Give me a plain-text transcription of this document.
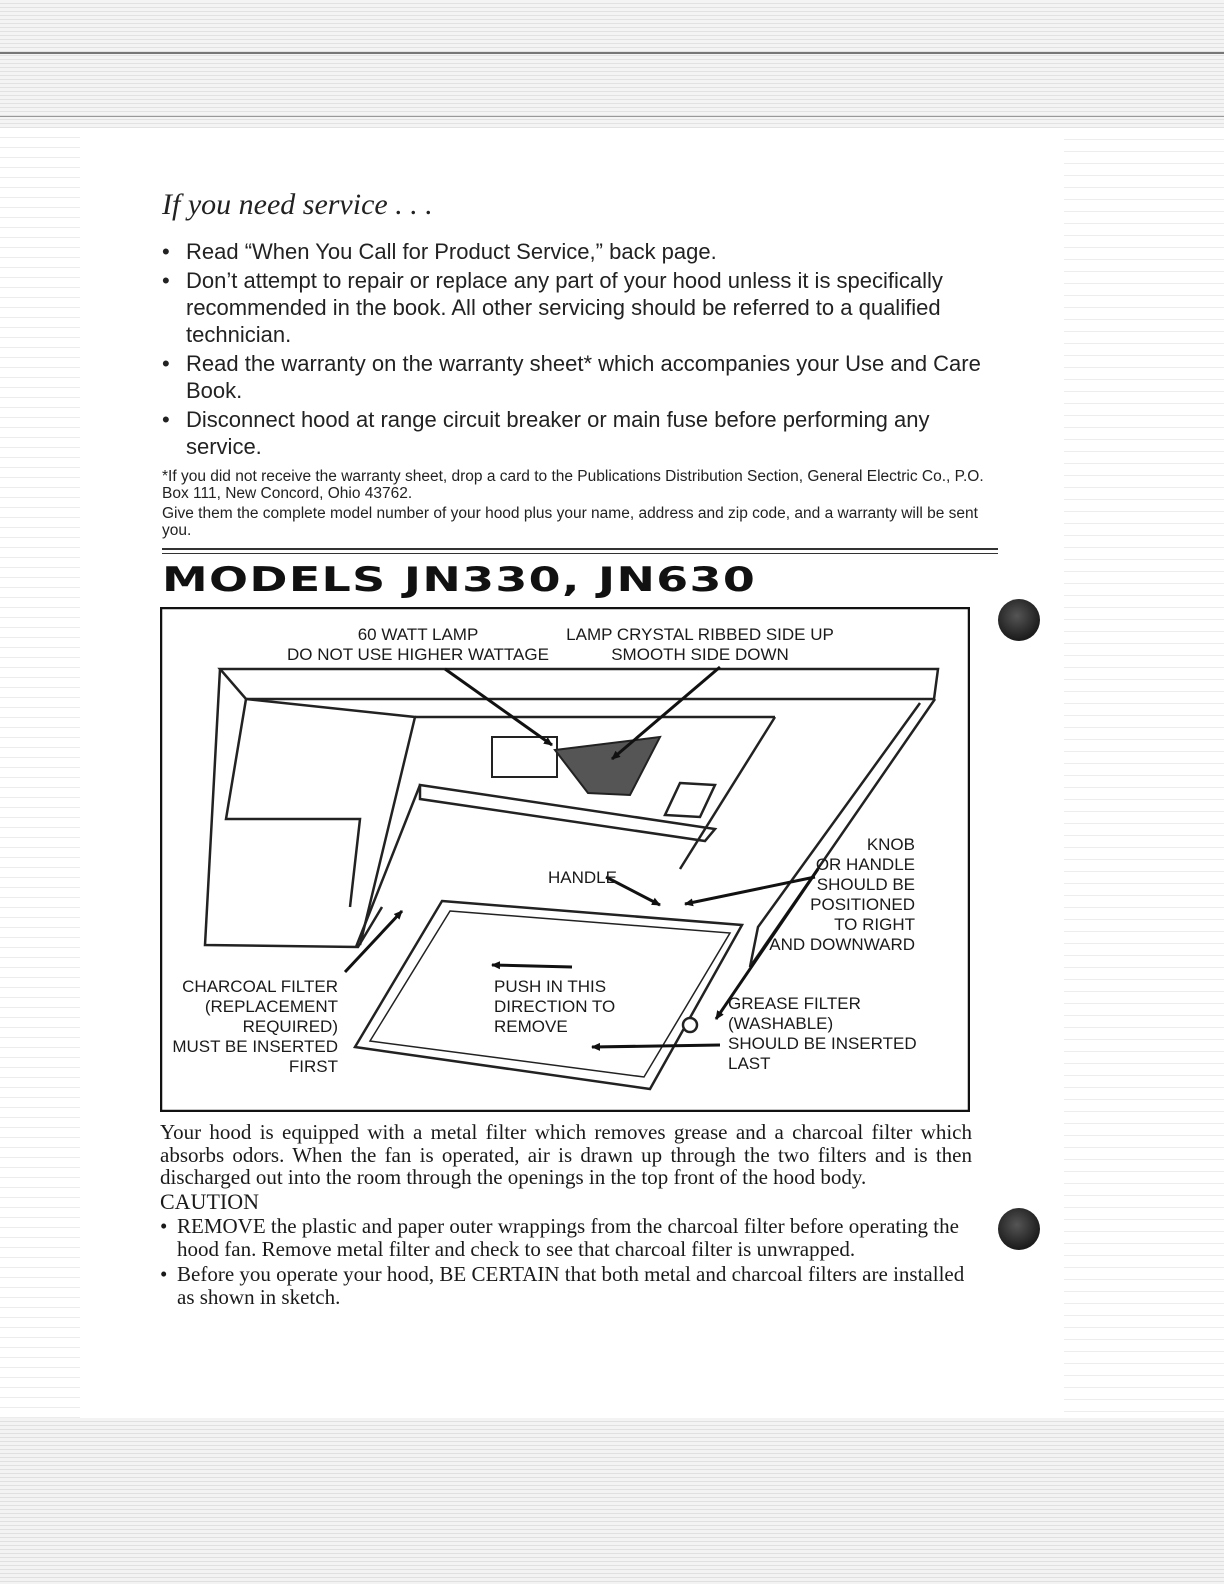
If you need service . . .
• Read “When You Call for Product Service,” back page.
• Don’t attempt to repair or replace any part of your hood unless it is specifically recommended in the book. All other servicing should be referred to a qualified technician.
• Read the warranty on the warranty sheet* which accompanies your Use and Care Book.
• Disconnect hood at range circuit breaker or main fuse before performing any service.

*If you did not receive the warranty sheet, drop a card to the Publications Distribution Section, General Electric Co., P.O. Box 111, New Concord, Ohio 43762.

Give them the complete model number of your hood plus your name, address and zip code, and a warranty will be sent you.

MODELS JN330, JN630
60 WATT LAMP
DO NOT USE HIGHER WATTAGE
LAMP CRYSTAL RIBBED SIDE UP
SMOOTH SIDE DOWN
KNOB
OR HANDLE
SHOULD BE
POSITIONED
TO RIGHT
AND DOWNWARD
HANDLE
CHARCOAL FILTER
(REPLACEMENT
REQUIRED)
MUST BE INSERTED
FIRST
PUSH IN THIS
DIRECTION TO
REMOVE
GREASE FILTER
(WASHABLE)
SHOULD BE INSERTED
LAST

Your hood is equipped with a metal filter which removes grease and a charcoal filter which absorbs odors. When the fan is operated, air is drawn up through the two filters and is then discharged out into the room through the openings in the top front of the hood body.

CAUTION

• REMOVE the plastic and paper outer wrappings from the charcoal filter before operating the hood fan. Remove metal filter and check to see that charcoal filter is unwrapped.
• Before you operate your hood, BE CERTAIN that both metal and charcoal filters are installed as shown in sketch.
